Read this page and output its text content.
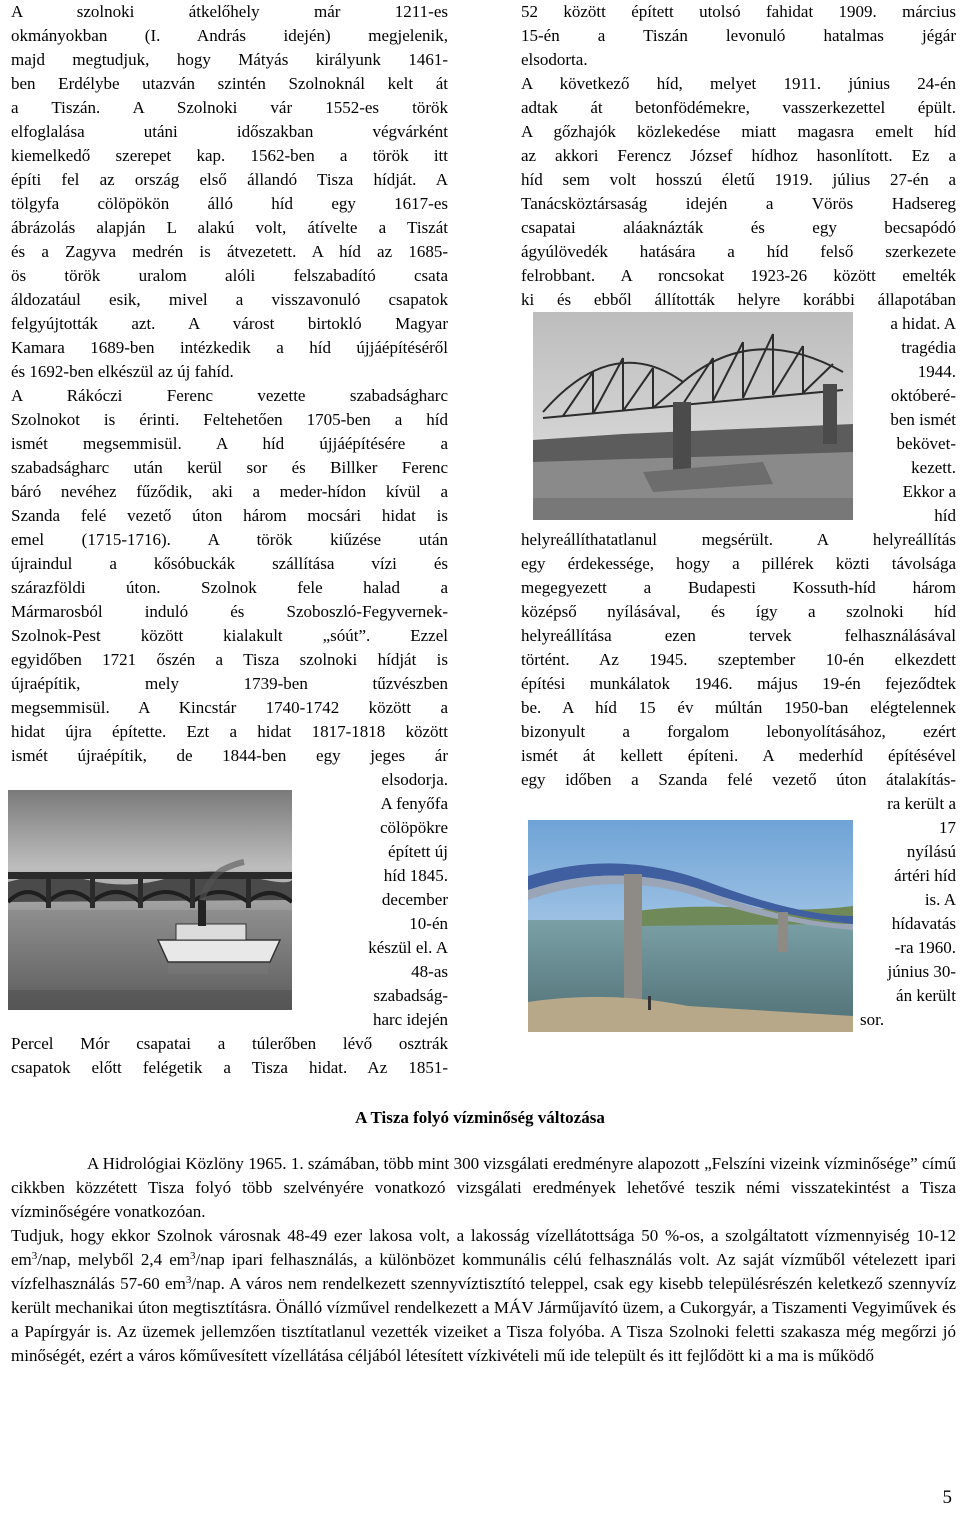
A szolnoki átkelőhely már 1211-es
okmányokban (I. András idején) megjelenik,
majd megtudjuk, hogy Mátyás királyunk 1461-
ben Erdélybe utazván szintén Szolnoknál kelt át
a Tiszán. A Szolnoki vár 1552-es török
elfoglalása utáni időszakban végvárként
kiemelkedő szerepet kap. 1562-ben a török itt
építi fel az ország első állandó Tisza hídját. A
tölgyfa cölöpökön álló híd egy 1617-es
ábrázolás alapján L alakú volt, átívelte a Tiszát
és a Zagyva medrén is átvezetett. A híd az 1685-
ös török uralom alóli felszabadító csata
áldozatául esik, mivel a visszavonuló csapatok
felgyújtották azt. A várost birtokló Magyar
Kamara 1689-ben intézkedik a híd újjáépítéséről
és 1692-ben elkészül az új fahíd.
A Rákóczi Ferenc vezette szabadságharc
Szolnokot is érinti. Feltehetően 1705-ben a híd
ismét megsemmisül. A híd újjáépítésére a
szabadságharc után kerül sor és Billker Ferenc
báró nevéhez fűződik, aki a meder-hídon kívül a
Szanda felé vezető úton három mocsári hidat is
emel (1715-1716). A török kiűzése után
újraindul a kősóbuckák szállítása vízi és
szárazföldi úton. Szolnok fele halad a
Mármarosból induló és Szoboszló-Fegyvernek-
Szolnok-Pest között kialakult „sóút”. Ezzel
egyidőben 1721 őszén a Tisza szolnoki hídját is
újraépítik, mely 1739-ben tűzvészben
megsemmisül. A Kincstár 1740-1742 között a
hidat újra építette. Ezt a hidat 1817-1818 között
ismét újraépítik, de 1844-ben egy jeges ár
elsodorja.
A fenyőfa
cölöpökre
épített új
híd 1845.
december
10-én
készül el. A
48-as
szabadság-
harc idején
Percel Mór csapatai a túlerőben lévő osztrák
csapatok előtt felégetik a Tisza hidat. Az 1851-
52 között épített utolsó fahidat 1909. március
15-én a Tiszán levonuló hatalmas jégár
elsodorta.
A következő híd, melyet 1911. június 24-én
adtak át betonfödémekre, vasszerkezettel épült.
A gőzhajók közlekedése miatt magasra emelt híd
az akkori Ferencz József hídhoz hasonlított. Ez a
híd sem volt hosszú életű 1919. július 27-én a
Tanácsköztársaság idején a Vörös Hadsereg
csapatai aláaknázták és egy becsapódó
ágyúlövedék hatására a híd felső szerkezete
felrobbant. A roncsokat 1923-26 között emelték
ki és ebből állították helyre korábbi állapotában
a hidat. A
tragédia
1944.
októberé-
ben ismét
bekövet-
kezett.
Ekkor a
híd
helyreállíthatatlanul megsérült. A helyreállítás
egy érdekessége, hogy a pillérek közti távolsága
megegyezett a Budapesti Kossuth-híd három
középső nyílásával, és így a szolnoki híd
helyreállítása ezen tervek felhasználásával
történt. Az 1945. szeptember 10-én elkezdett
építési munkálatok 1946. május 19-én fejeződtek
be. A híd 15 év múltán 1950-ban elégtelennek
bizonyult a forgalom lebonyolításához, ezért
ismét át kellett építeni. A mederhíd építésével
egy időben a Szanda felé vezető úton átalakítás-
ra került a
17
nyílású
ártéri híd
is. A
hídavatás
-ra 1960.
június 30-
án került
sor.
A Tisza folyó vízminőség változása
A Hidrológiai Közlöny 1965. 1. számában, több mint 300 vizsgálati eredményre alapozott „Felszíni vizeink vízminősége” című cikkben közzétett Tisza folyó több szelvényére vonatkozó vizsgálati eredmények lehetővé teszik némi visszatekintést a Tisza vízminőségére vonatkozóan.
Tudjuk, hogy ekkor Szolnok városnak 48-49 ezer lakosa volt, a lakosság vízellátottsága 50 %-os, a szolgáltatott vízmennyiség 10-12 $em^3$/nap, melyből 2,4 $em^3$/nap ipari felhasználás, a különbözet kommunális célú felhasználás volt. Az saját vízműből vételezett ipari vízfelhasználás 57-60 $em^3$/nap. A város nem rendelkezett szennyvíztisztító teleppel, csak egy kisebb településrészén keletkező szennyvíz került mechanikai úton megtisztításra. Önálló vízművel rendelkezett a MÁV Járműjavító üzem, a Cukorgyár, a Tiszamenti Vegyiművek és a Papírgyár is. Az üzemek jellemzően tisztítatlanul vezették vizeiket a Tisza folyóba. A Tisza Szolnoki feletti szakasza még megőrzi jó minőségét, ezért a város kőművesített vízellátása céljából létesített vízkivételi mű ide települt és itt fejlődött ki a ma is működő
5
